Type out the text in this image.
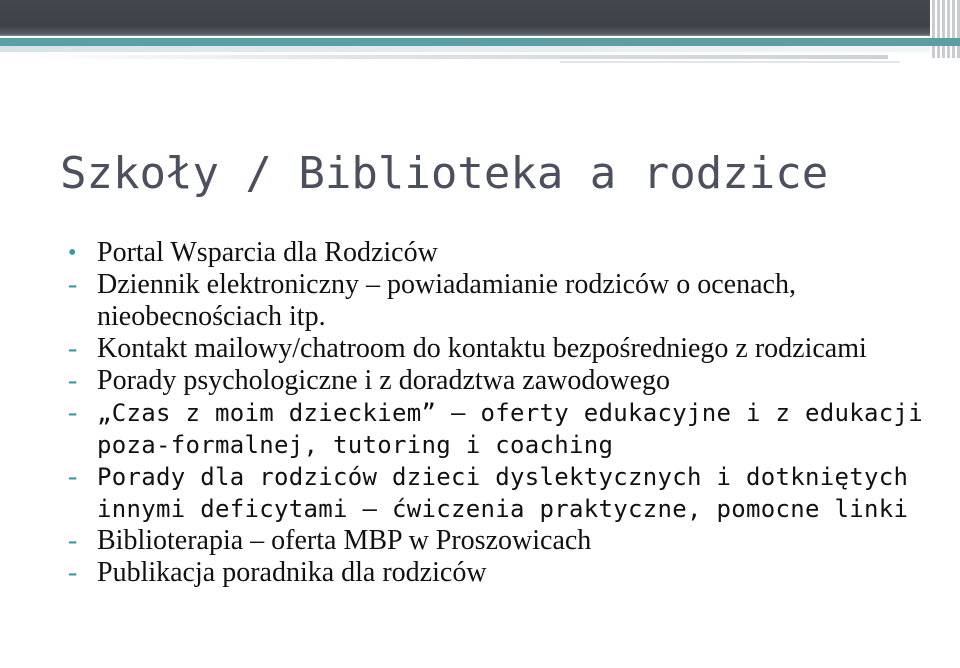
Szkoły / Biblioteka a rodzice
• Portal Wsparcia dla Rodziców
- Dziennik elektroniczny – powiadamianie rodziców o ocenach, nieobecnościach itp.
- Kontakt mailowy/chatroom do kontaktu bezpośredniego z rodzicami
- Porady psychologiczne i z doradztwa zawodowego
- „Czas z moim dzieckiem” – oferty edukacyjne i z edukacji poza-formalnej, tutoring i coaching
- Porady dla rodziców dzieci dyslektycznych i dotkniętych innymi deficytami – ćwiczenia praktyczne, pomocne linki
- Biblioterapia – oferta MBP w Proszowicach
- Publikacja poradnika dla rodziców
